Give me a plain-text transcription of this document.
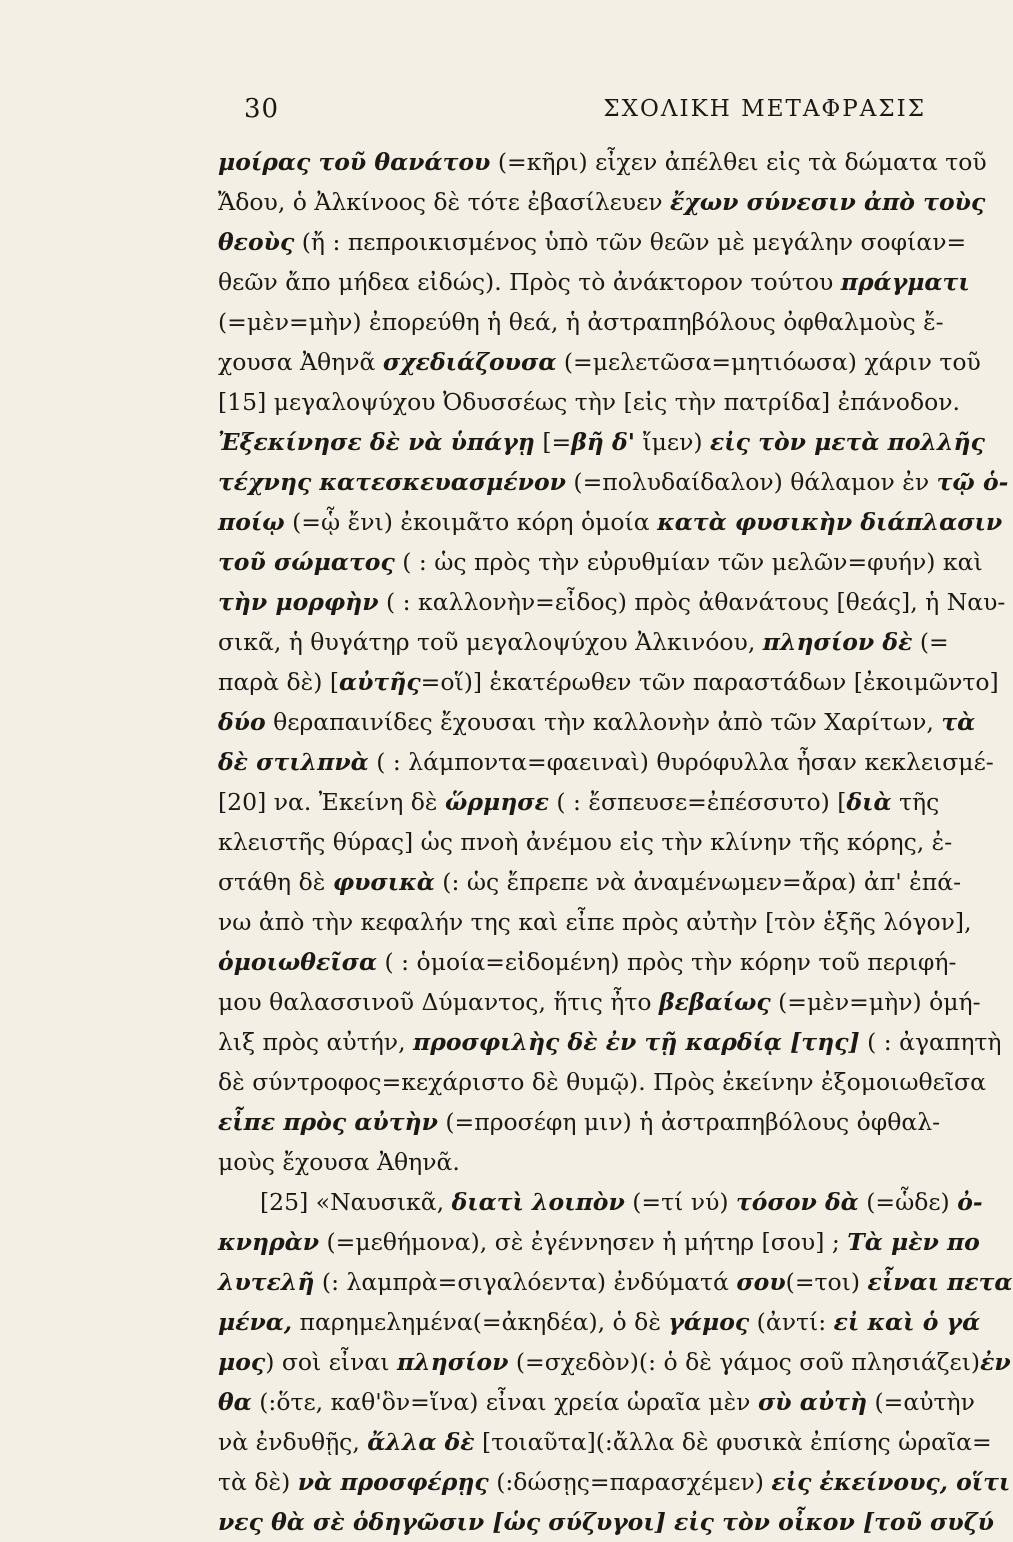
30	ΣΧΟΛΙΚΗ ΜΕΤΑΦΡΑΣΙΣ
μοίρας τοῦ θανάτου (=κῆρι) εἶχεν ἀπέλθει εἰς τὰ δώματα τοῦ
Ἄδου, ὁ Ἀλκίνοος δὲ τότε ἐβασίλευεν ἔχων σύνεσιν ἀπὸ τοὺς
θεοὺς (ἤ : πεπροικισμένος ὑπὸ τῶν θεῶν μὲ μεγάλην σοφίαν=
θεῶν ἄπο μήδεα εἰδώς). Πρὸς τὸ ἀνάκτορον τούτου πράγματι
(=μὲν=μὴν) ἐπορεύθη ἡ θεά, ἡ ἀστραπηβόλους ὀφθαλμοὺς ἔ-
χουσα Ἀθηνᾶ σχεδιάζουσα (=μελετῶσα=μητιόωσα) χάριν τοῦ
[15] μεγαλοψύχου Ὀδυσσέως τὴν [εἰς τὴν πατρίδα] ἐπάνοδον.
Ἐξεκίνησε δὲ νὰ ὑπάγῃ [=βῆ δ' ἴμεν) εἰς τὸν μετὰ πολλῆς
τέχνης κατεσκευασμένον (=πολυδαίδαλον) θάλαμον ἐν τῷ ὁ-
ποίῳ (=ᾧ ἔνι) ἐκοιμᾶτο κόρη ὁμοία κατὰ φυσικὴν διάπλασιν
τοῦ σώματος ( : ὡς πρὸς τὴν εὐρυθμίαν τῶν μελῶν=φυήν) καὶ
τὴν μορφὴν ( : καλλονὴν=εἶδος) πρὸς ἀθανάτους [θεάς], ἡ Ναυ-
σικᾶ, ἡ θυγάτηρ τοῦ μεγαλοψύχου Ἀλκινόου, πλησίον δὲ (=
παρὰ δὲ) [αὐτῆς=οἵ)] ἑκατέρωθεν τῶν παραστάδων [ἐκοιμῶντο]
δύο θεραπαινίδες ἔχουσαι τὴν καλλονὴν ἀπὸ τῶν Χαρίτων, τὰ
δὲ στιλπνὰ ( : λάμποντα=φαειναὶ) θυρόφυλλα ἦσαν κεκλεισμέ-
[20] να. Ἐκείνη δὲ ὥρμησε ( : ἔσπευσε=ἐπέσσυτο) [διὰ τῆς
κλειστῆς θύρας] ὡς πνοὴ ἀνέμου εἰς τὴν κλίνην τῆς κόρης, ἐ-
στάθη δὲ φυσικὰ (: ὡς ἔπρεπε νὰ ἀναμένωμεν=ἄρα) ἀπ' ἐπά-
νω ἀπὸ τὴν κεφαλήν της καὶ εἶπε πρὸς αὐτὴν [τὸν ἑξῆς λόγον],
ὁμοιωθεῖσα ( : ὁμοία=εἰδομένη) πρὸς τὴν κόρην τοῦ περιφή-
μου θαλασσινοῦ Δύμαντος, ἥτις ἦτο βεβαίως (=μὲν=μὴν) ὁμή-
λιξ πρὸς αὐτήν, προσφιλὴς δὲ ἐν τῇ καρδίᾳ [της] ( : ἀγαπητὴ
δὲ σύντροφος=κεχάριστο δὲ θυμῷ). Πρὸς ἐκείνην ἐξομοιωθεῖσα
εἶπε πρὸς αὐτὴν (=προσέφη μιν) ἡ ἀστραπηβόλους ὀφθαλ-
μοὺς ἔχουσα Ἀθηνᾶ.
[25] «Ναυσικᾶ, διατὶ λοιπὸν (=τί νύ) τόσον δὰ (=ὧδε) ὀ-
κνηρὰν (=μεθήμονα), σὲ ἐγέννησεν ἡ μήτηρ [σου] ; Τὰ μὲν πο
λυτελῆ (: λαμπρὰ=σιγαλόεντα) ἐνδύματά σου(=τοι) εἶναι πετα
μένα, παρημελημένα(=ἀκηδέα), ὁ δὲ γάμος (ἀντί: εἰ καὶ ὁ γά
μος) σοὶ εἶναι πλησίον (=σχεδὸν)(: ὁ δὲ γάμος σοῦ πλησιάζει)ἐν
θα (:ὅτε, καθ'ὃν=ἵνα) εἶναι χρεία ὡραῖα μὲν σὺ αὐτὴ (=αὐτὴν
νὰ ἐνδυθῇς, ἄλλα δὲ [τοιαῦτα](:ἄλλα δὲ φυσικὰ ἐπίσης ὡραῖα=
τὰ δὲ) νὰ προσφέρῃς (:δώσῃς=παρασχέμεν) εἰς ἐκείνους, οἵτι
νες θὰ σὲ ὁδηγῶσιν [ὡς σύζυγοι] εἰς τὸν οἶκον [τοῦ συζύ
